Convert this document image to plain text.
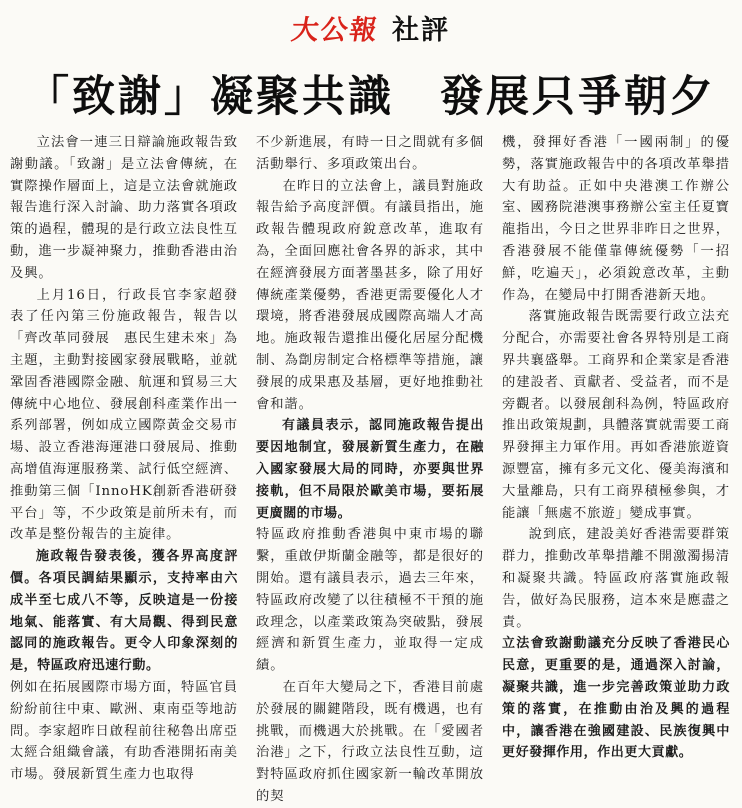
大公報 社評
「致謝」凝聚共識 發展只爭朝夕

立法會一連三日辯論施政報告致謝動議。「致謝」是立法會傳統，在實際操作層面上，這是立法會就施政報告進行深入討論、助力落實各項政策的過程，體現的是行政立法良性互動，進一步凝神聚力，推動香港由治及興。

上月16日，行政長官李家超發表了任內第三份施政報告，報告以「齊改革同發展　惠民生建未來」為主題，主動對接國家發展戰略，並就鞏固香港國際金融、航運和貿易三大傳統中心地位、發展創科產業作出一系列部署，例如成立國際黃金交易市場、設立香港海運港口發展局、推動高增值海運服務業、試行低空經濟、推動第三個「InnoHK創新香港研發平台」等，不少政策是前所未有，而改革是整份報告的主旋律。

施政報告發表後，獲各界高度評價。各項民調結果顯示，支持率由六成半至七成八不等，反映這是一份接地氣、能落實、有大局觀、得到民意認同的施政報告。更令人印象深刻的是，特區政府迅速行動。

例如在拓展國際市場方面，特區官員紛紛前往中東、歐洲、東南亞等地訪問。李家超昨日啟程前往秘魯出席亞太經合組織會議，有助香港開拓南美市場。發展新質生產力也取得

不少新進展，有時一日之間就有多個活動舉行、多項政策出台。

在昨日的立法會上，議員對施政報告給予高度評價。有議員指出，施政報告體現政府銳意改革，進取有為，全面回應社會各界的訴求，其中在經濟發展方面著墨甚多，除了用好傳統產業優勢，香港更需要優化人才環境，將香港發展成國際高端人才高地。施政報告還推出優化居屋分配機制、為劏房制定合格標準等措施，讓發展的成果惠及基層，更好地推動社會和諧。

有議員表示，認同施政報告提出要因地制宜，發展新質生產力，在融入國家發展大局的同時，亦要與世界接軌，但不局限於歐美市場，要拓展更廣闊的市場。

特區政府推動香港與中東市場的聯繫，重啟伊斯蘭金融等，都是很好的開始。還有議員表示，過去三年來，特區政府改變了以往積極不干預的施政理念，以產業政策為突破點，發展經濟和新質生產力，並取得一定成績。

在百年大變局之下，香港目前處於發展的關鍵階段，既有機遇，也有挑戰，而機遇大於挑戰。在「愛國者治港」之下，行政立法良性互動，這對特區政府抓住國家新一輪改革開放的契

機，發揮好香港「一國兩制」的優勢，落實施政報告中的各項改革舉措大有助益。正如中央港澳工作辦公室、國務院港澳事務辦公室主任夏寶龍指出，今日之世界非昨日之世界，香港發展不能僅靠傳統優勢「一招鮮，吃遍天」，必須銳意改革，主動作為，在變局中打開香港新天地。

落實施政報告既需要行政立法充分配合，亦需要社會各界特別是工商界共襄盛舉。工商界和企業家是香港的建設者、貢獻者、受益者，而不是旁觀者。以發展創科為例，特區政府推出政策規劃，具體落實就需要工商界發揮主力軍作用。再如香港旅遊資源豐富，擁有多元文化、優美海濱和大量離島，只有工商界積極參與，才能讓「無處不旅遊」變成事實。

說到底，建設美好香港需要群策群力，推動改革舉措離不開激濁揚清和凝聚共識。特區政府落實施政報告，做好為民服務，這本來是應盡之責。

立法會致謝動議充分反映了香港民心民意，更重要的是，通過深入討論，凝聚共識，進一步完善政策並助力政策的落實，在推動由治及興的過程中，讓香港在強國建設、民族復興中更好發揮作用，作出更大貢獻。
